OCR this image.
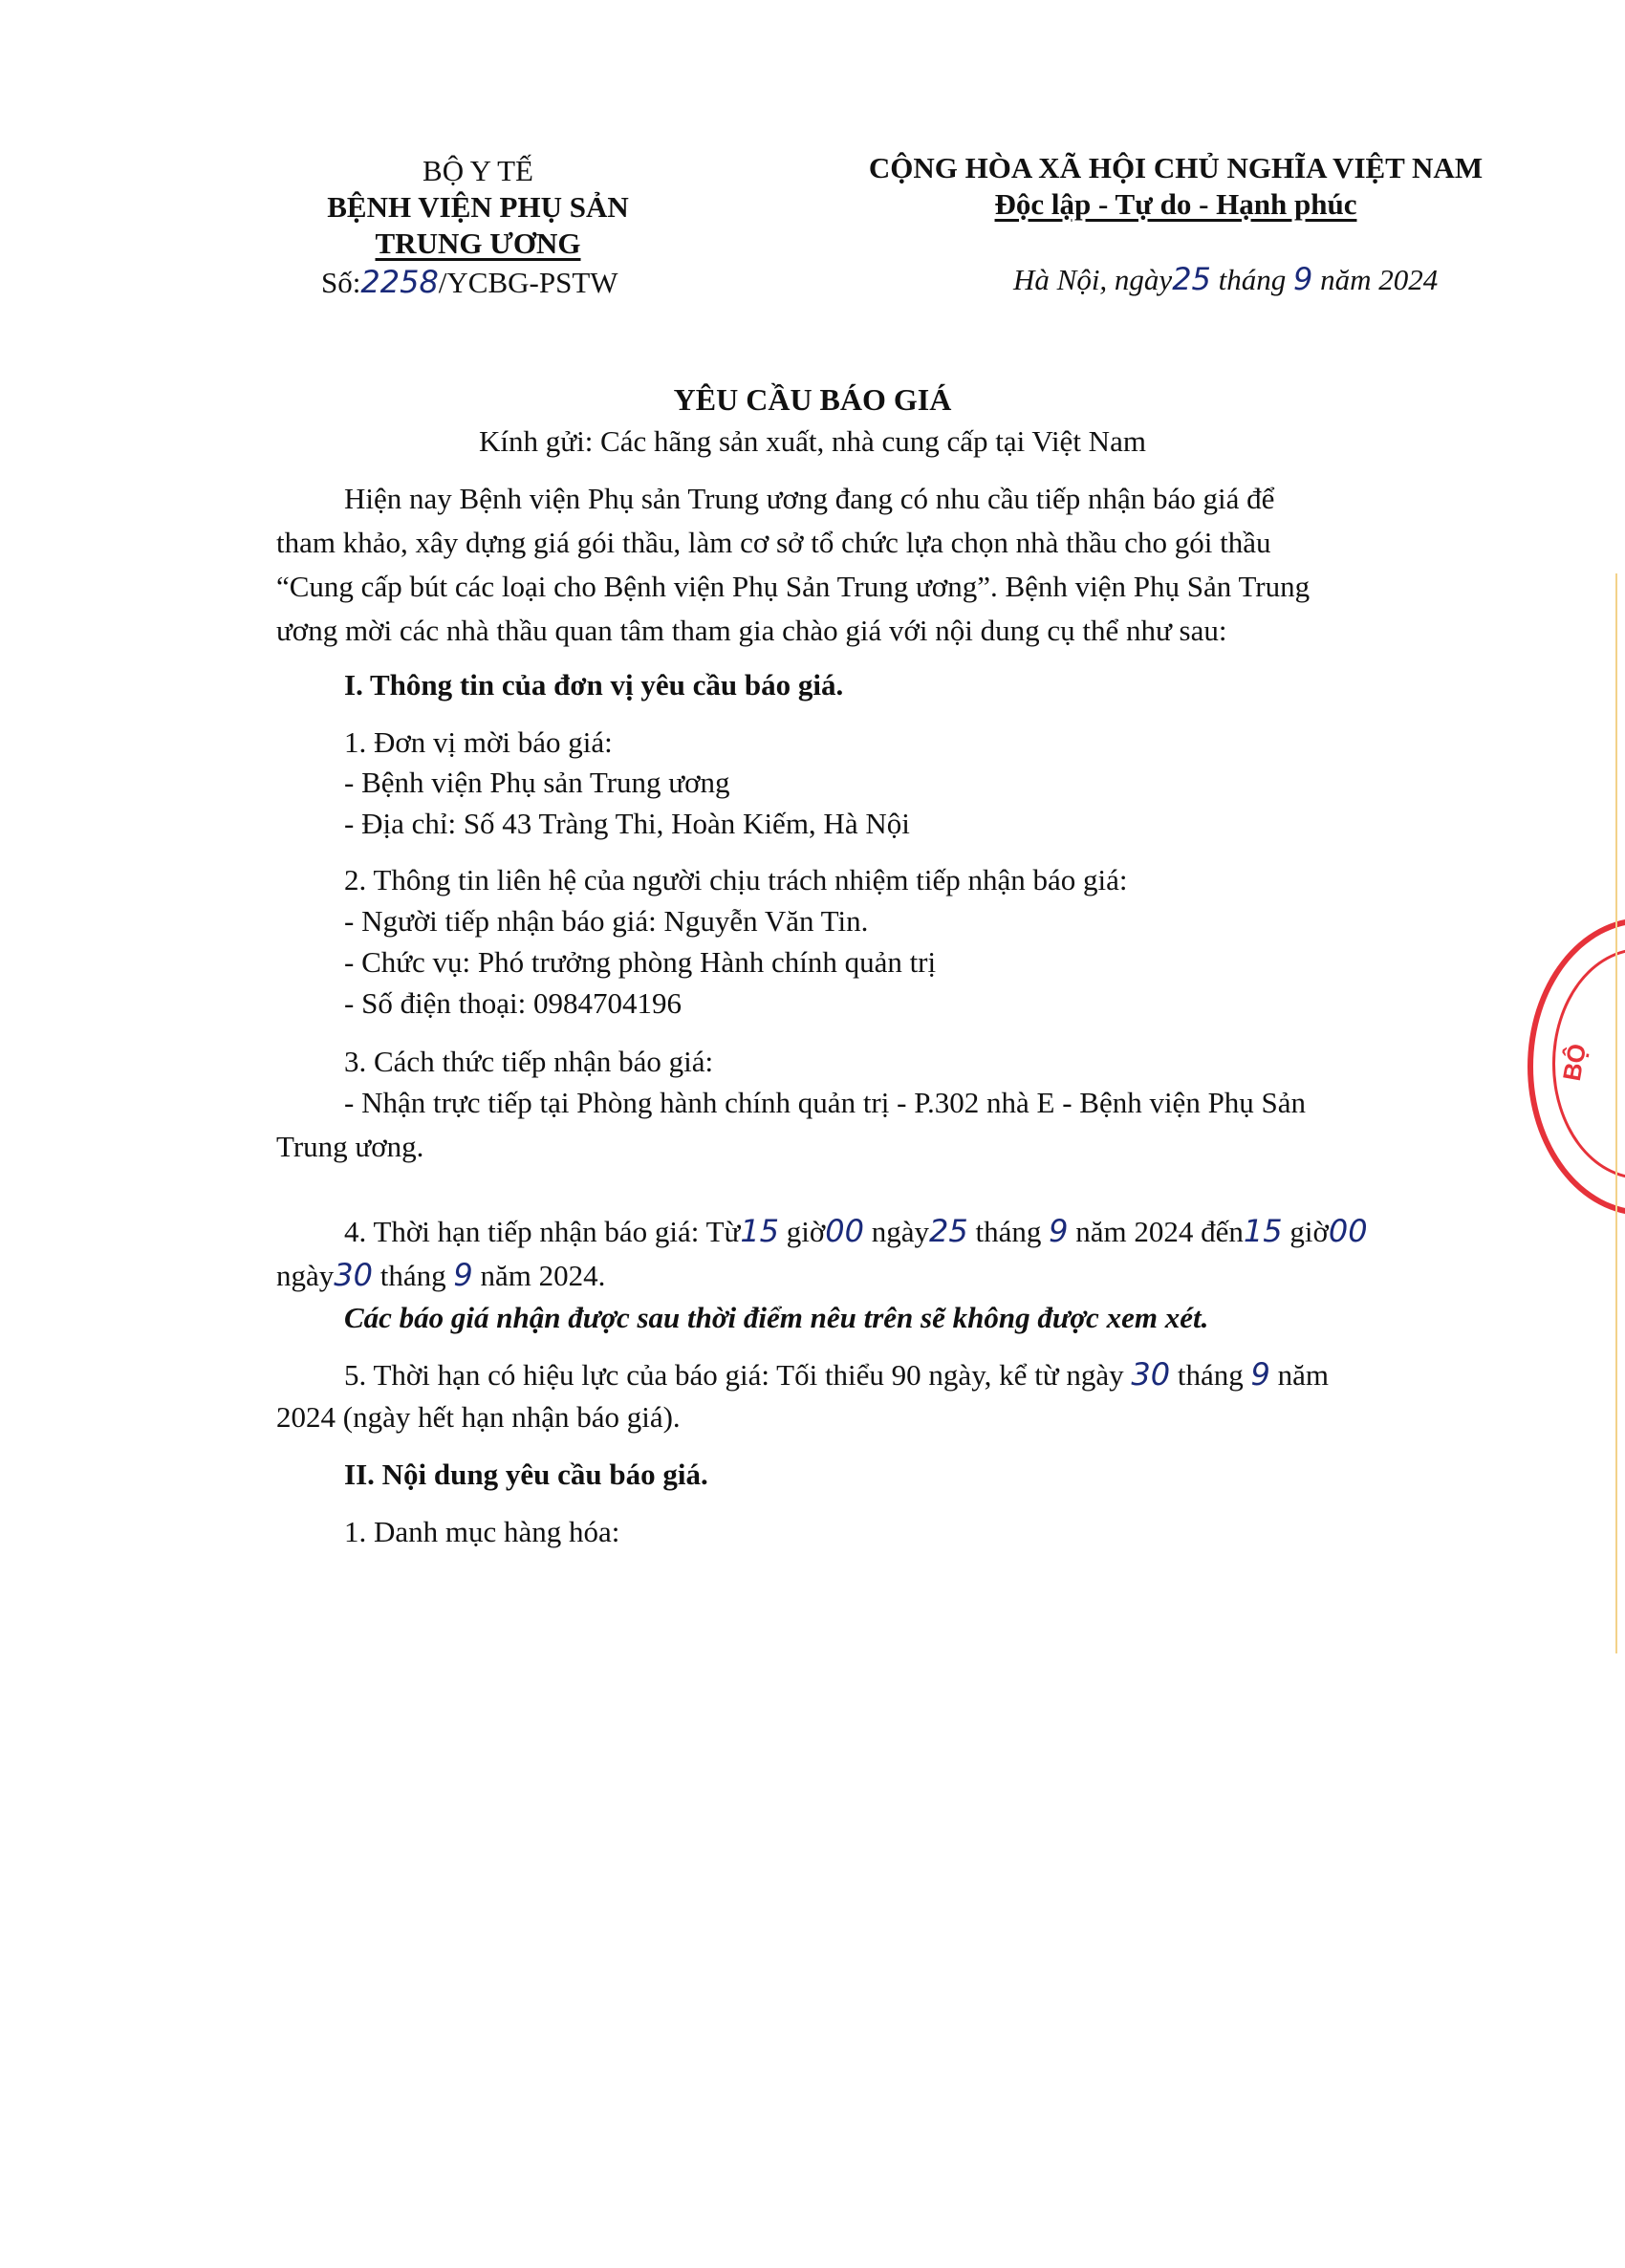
BỘ Y TẾ
BỆNH VIỆN PHỤ SẢN
TRUNG ƯƠNG
Số:2258/YCBG-PSTW
CỘNG HÒA XÃ HỘI CHỦ NGHĨA VIỆT NAM
Độc lập - Tự do - Hạnh phúc
Hà Nội, ngày25 tháng 9 năm 2024
YÊU CẦU BÁO GIÁ
Kính gửi: Các hãng sản xuất, nhà cung cấp tại Việt Nam
Hiện nay Bệnh viện Phụ sản Trung ương đang có nhu cầu tiếp nhận báo giá để
tham khảo, xây dựng giá gói thầu, làm cơ sở tổ chức lựa chọn nhà thầu cho gói thầu
“Cung cấp bút các loại cho Bệnh viện Phụ Sản Trung ương”. Bệnh viện Phụ Sản Trung
ương mời các nhà thầu quan tâm tham gia chào giá với nội dung cụ thể như sau:
I. Thông tin của đơn vị yêu cầu báo giá.
1. Đơn vị mời báo giá:
- Bệnh viện Phụ sản Trung ương
- Địa chỉ: Số 43 Tràng Thi, Hoàn Kiếm, Hà Nội
2. Thông tin liên hệ của người chịu trách nhiệm tiếp nhận báo giá:
- Người tiếp nhận báo giá: Nguyễn Văn Tin.
- Chức vụ: Phó trưởng phòng Hành chính quản trị
- Số điện thoại: 0984704196
3. Cách thức tiếp nhận báo giá:
- Nhận trực tiếp tại Phòng hành chính quản trị - P.302 nhà E - Bệnh viện Phụ Sản
Trung ương.
4. Thời hạn tiếp nhận báo giá: Từ15 giờ00 ngày25 tháng 9 năm 2024 đến15 giờ00
ngày30 tháng 9 năm 2024.
Các báo giá nhận được sau thời điểm nêu trên sẽ không được xem xét.
5. Thời hạn có hiệu lực của báo giá: Tối thiểu 90 ngày, kể từ ngày 30 tháng 9 năm
2024 (ngày hết hạn nhận báo giá).
II. Nội dung yêu cầu báo giá.
1. Danh mục hàng hóa:
BỘ
